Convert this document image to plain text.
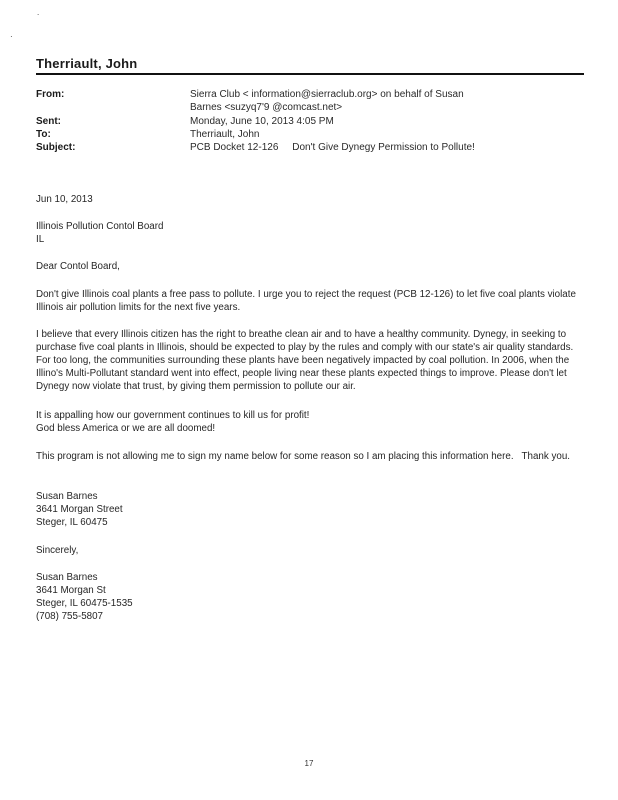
.
·
Therriault, John
From:	Sierra Club < information@sierraclub.org> on behalf of Susan Barnes <suzyq7'9 @comcast.net>
Sent:	Monday, June 10, 2013 4:05 PM
To:	Therriault, John
Subject:	PCB Docket 12-126     Don't Give Dynegy Permission to Pollute!
Jun 10, 2013
Illinois Pollution Contol Board
IL
Dear Contol Board,
Don't give Illinois coal plants a free pass to pollute. I urge you to reject the request (PCB 12-126) to let five coal plants violate Illinois air pollution limits for the next five years.
I believe that every Illinois citizen has the right to breathe clean air and to have a healthy community. Dynegy, in seeking to purchase five coal plants in Illinois, should be expected to play by the rules and comply with our state's air quality standards. For too long, the communities surrounding these plants have been negatively impacted by coal pollution. In 2006, when the Illino's Multi-Pollutant standard went into effect, people living near these plants expected things to improve. Please don't let Dynegy now violate that trust, by giving them permission to pollute our air.
It is appalling how our government continues to kill us for profit!
God bless America or we are all doomed!
This program is not allowing me to sign my name below for some reason so I am placing this information here.   Thank you.
Susan Barnes
3641 Morgan Street
Steger, IL 60475
Sincerely,
Susan Barnes
3641 Morgan St
Steger, IL 60475-1535
(708) 755-5807
17
